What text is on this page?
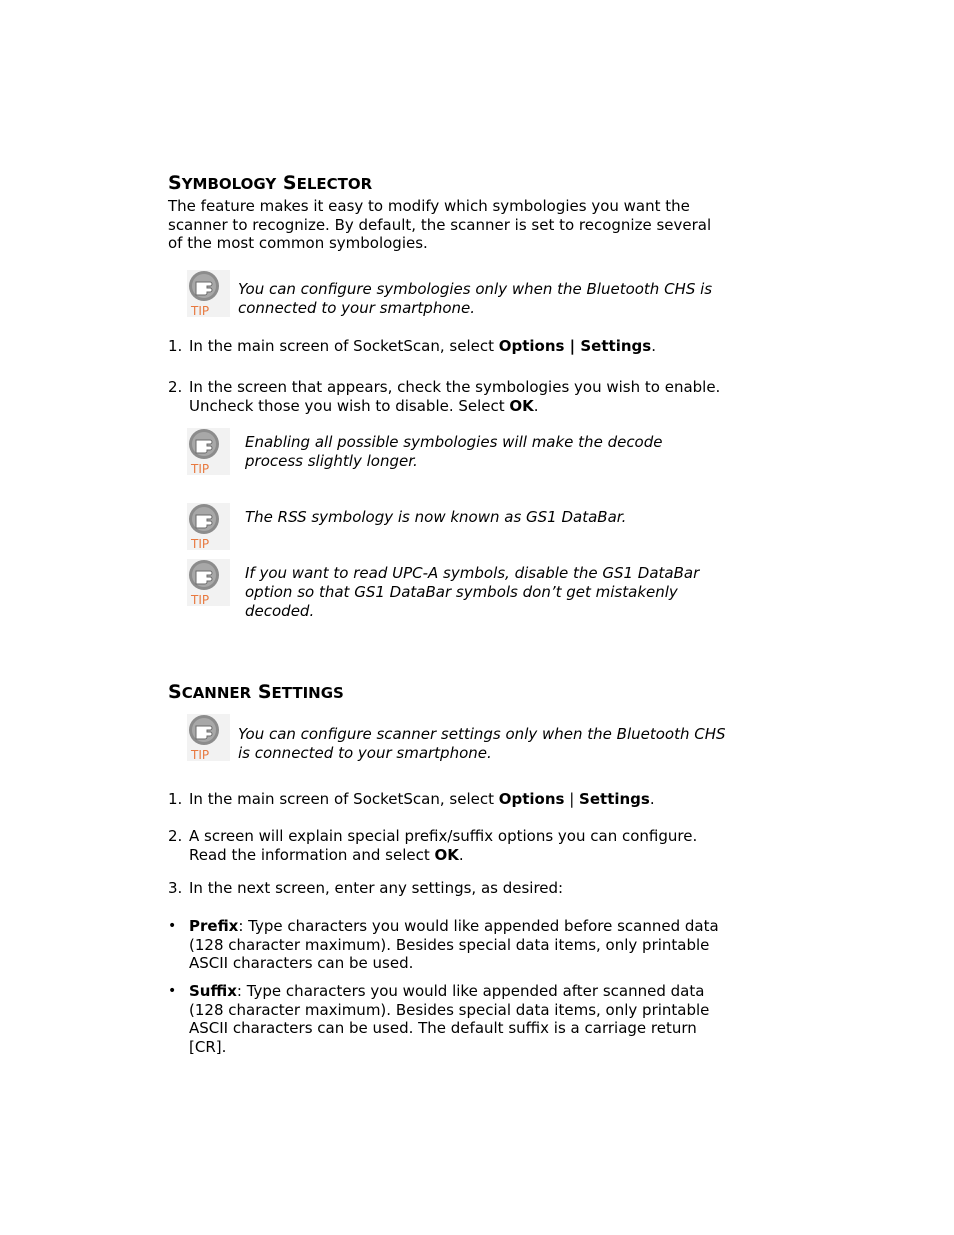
SYMBOLOGY SELECTOR

The feature makes it easy to modify which symbologies you want the scanner to recognize. By default, the scanner is set to recognize several of the most common symbologies.

TIP

You can configure symbologies only when the Bluetooth CHS is connected to your smartphone.

1. In the main screen of SocketScan, select Options | Settings.
2. In the screen that appears, check the symbologies you wish to enable. Uncheck those you wish to disable. Select OK.
TIP

Enabling all possible symbologies will make the decode process slightly longer.

TIP

The RSS symbology is now known as GS1 DataBar.

TIP

If you want to read UPC-A symbols, disable the GS1 DataBar option so that GS1 DataBar symbols don’t get mistakenly decoded.

SCANNER SETTINGS
TIP

You can configure scanner settings only when the Bluetooth CHS is connected to your smartphone.

1. In the main screen of SocketScan, select Options | Settings.
2. A screen will explain special prefix/suffix options you can configure. Read the information and select OK.
3. In the next screen, enter any settings, as desired:
• Prefix: Type characters you would like appended before scanned data (128 character maximum). Besides special data items, only printable ASCII characters can be used.
• Suffix: Type characters you would like appended after scanned data (128 character maximum). Besides special data items, only printable ASCII characters can be used. The default suffix is a carriage return [CR].
